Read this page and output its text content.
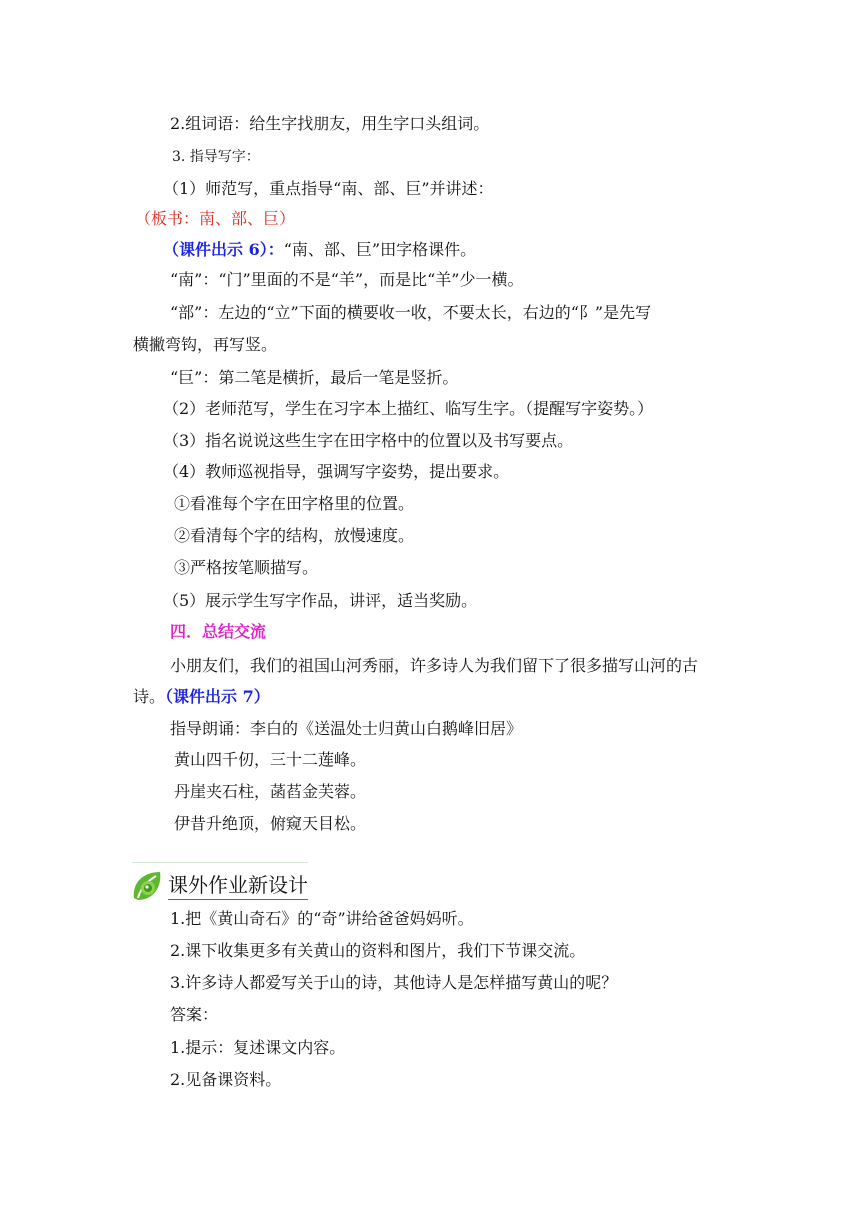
2.组词语：给生字找朋友，用生字口头组词。
3. 指导写字：
（1）师范写，重点指导“南、部、巨”并讲述：
（板书：南、部、巨）
（课件出示 6）：“南、部、巨”田字格课件。
“南”：“门”里面的不是“羊”，而是比“羊”少一横。
“部”：左边的“立”下面的横要收一收，不要太长，右边的“阝”是先写
横撇弯钩，再写竖。
“巨”：第二笔是横折，最后一笔是竖折。
（2）老师范写，学生在习字本上描红、临写生字。（提醒写字姿势。）
（3）指名说说这些生字在田字格中的位置以及书写要点。
（4）教师巡视指导，强调写字姿势，提出要求。
①看准每个字在田字格里的位置。
②看清每个字的结构，放慢速度。
③严格按笔顺描写。
（5）展示学生写字作品，讲评，适当奖励。
四．总结交流
小朋友们，我们的祖国山河秀丽，许多诗人为我们留下了很多描写山河的古
诗。（课件出示 7）
指导朗诵：李白的《送温处士归黄山白鹅峰旧居》
黄山四千仞，三十二莲峰。
丹崖夹石柱，菡萏金芙蓉。
伊昔升绝顶，俯窥天目松。
课外作业新设计
1.把《黄山奇石》的“奇”讲给爸爸妈妈听。
2.课下收集更多有关黄山的资料和图片，我们下节课交流。
3.许多诗人都爱写关于山的诗，其他诗人是怎样描写黄山的呢？
答案：
1.提示：复述课文内容。
2.见备课资料。
